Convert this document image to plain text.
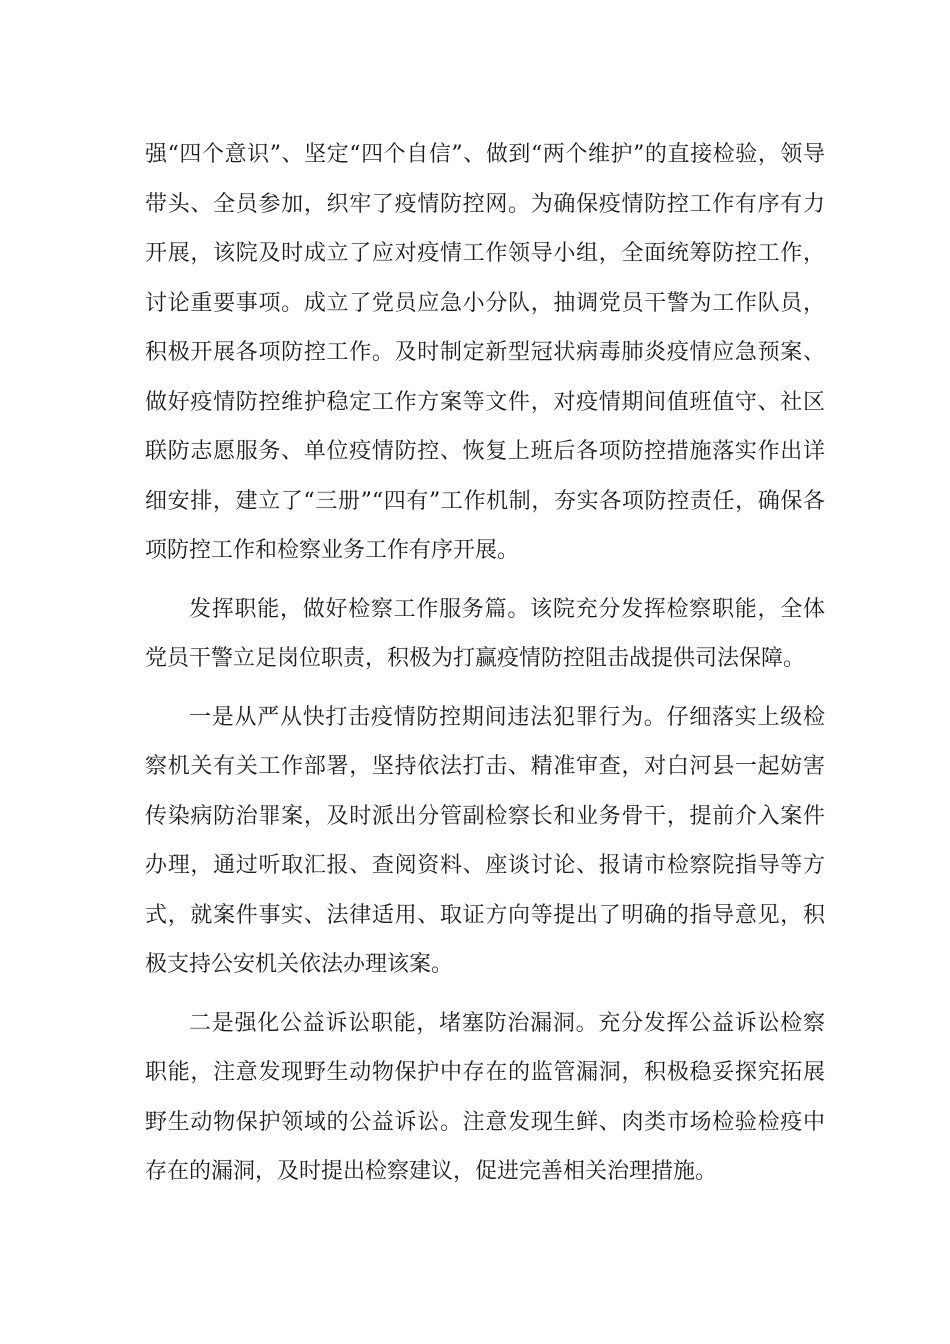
强“四个意识”、坚定“四个自信”、做到“两个维护”的直接检验，领导带头、全员参加，织牢了疫情防控网。为确保疫情防控工作有序有力开展，该院及时成立了应对疫情工作领导小组，全面统筹防控工作，讨论重要事项。成立了党员应急小分队，抽调党员干警为工作队员，积极开展各项防控工作。及时制定新型冠状病毒肺炎疫情应急预案、做好疫情防控维护稳定工作方案等文件，对疫情期间值班值守、社区联防志愿服务、单位疫情防控、恢复上班后各项防控措施落实作出详细安排，建立了“三册”“四有”工作机制，夯实各项防控责任，确保各项防控工作和检察业务工作有序开展。

发挥职能，做好检察工作服务篇。该院充分发挥检察职能，全体党员干警立足岗位职责，积极为打赢疫情防控阻击战提供司法保障。

一是从严从快打击疫情防控期间违法犯罪行为。仔细落实上级检察机关有关工作部署，坚持依法打击、精准审查，对白河县一起妨害传染病防治罪案，及时派出分管副检察长和业务骨干，提前介入案件办理，通过听取汇报、查阅资料、座谈讨论、报请市检察院指导等方式，就案件事实、法律适用、取证方向等提出了明确的指导意见，积极支持公安机关依法办理该案。

二是强化公益诉讼职能，堵塞防治漏洞。充分发挥公益诉讼检察职能，注意发现野生动物保护中存在的监管漏洞，积极稳妥探究拓展野生动物保护领域的公益诉讼。注意发现生鲜、肉类市场检验检疫中存在的漏洞，及时提出检察建议，促进完善相关治理措施。
